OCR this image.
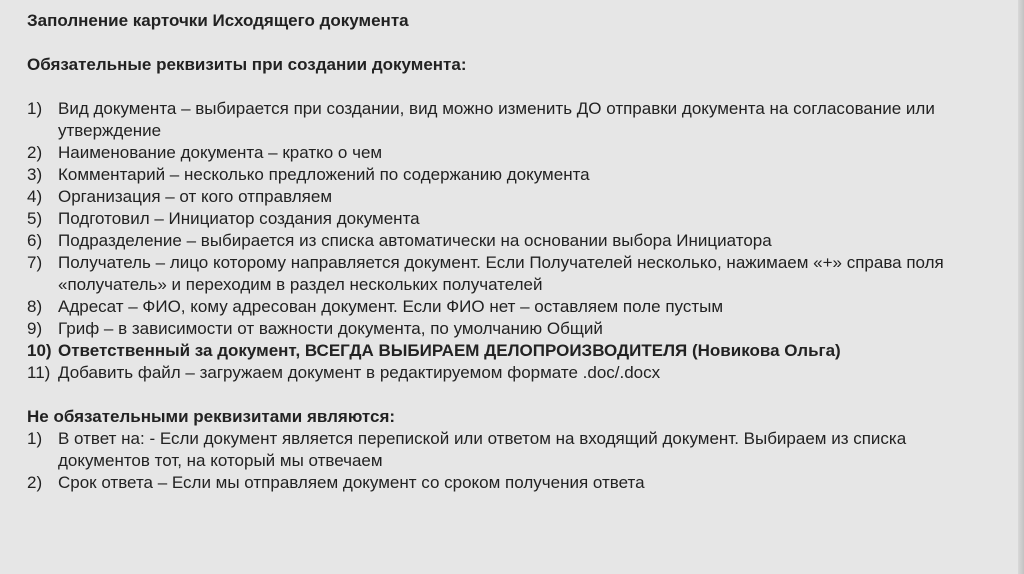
Заполнение карточки Исходящего документа

Обязательные реквизиты при создании документа:

1) Вид документа – выбирается при создании, вид можно изменить ДО отправки документа на согласование или утверждение
2) Наименование документа – кратко о чем
3) Комментарий – несколько предложений по содержанию документа
4) Организация – от кого отправляем
5) Подготовил – Инициатор создания документа
6) Подразделение – выбирается из списка автоматически на основании выбора Инициатора
7) Получатель – лицо которому направляется документ. Если Получателей несколько, нажимаем «+» справа поля «получатель» и переходим в раздел нескольких получателей
8) Адресат – ФИО, кому адресован документ. Если ФИО нет – оставляем поле пустым
9) Гриф – в зависимости от важности документа, по умолчанию Общий
10) Ответственный за документ, ВСЕГДА ВЫБИРАЕМ ДЕЛОПРОИЗВОДИТЕЛЯ (Новикова Ольга)
11) Добавить файл – загружаем документ в редактируемом формате .doc/.docx

Не обязательными реквизитами являются:

1) В ответ на: - Если документ является перепиской или ответом на входящий документ. Выбираем из списка документов тот, на который мы отвечаем
2) Срок ответа – Если мы отправляем документ со сроком получения ответа
